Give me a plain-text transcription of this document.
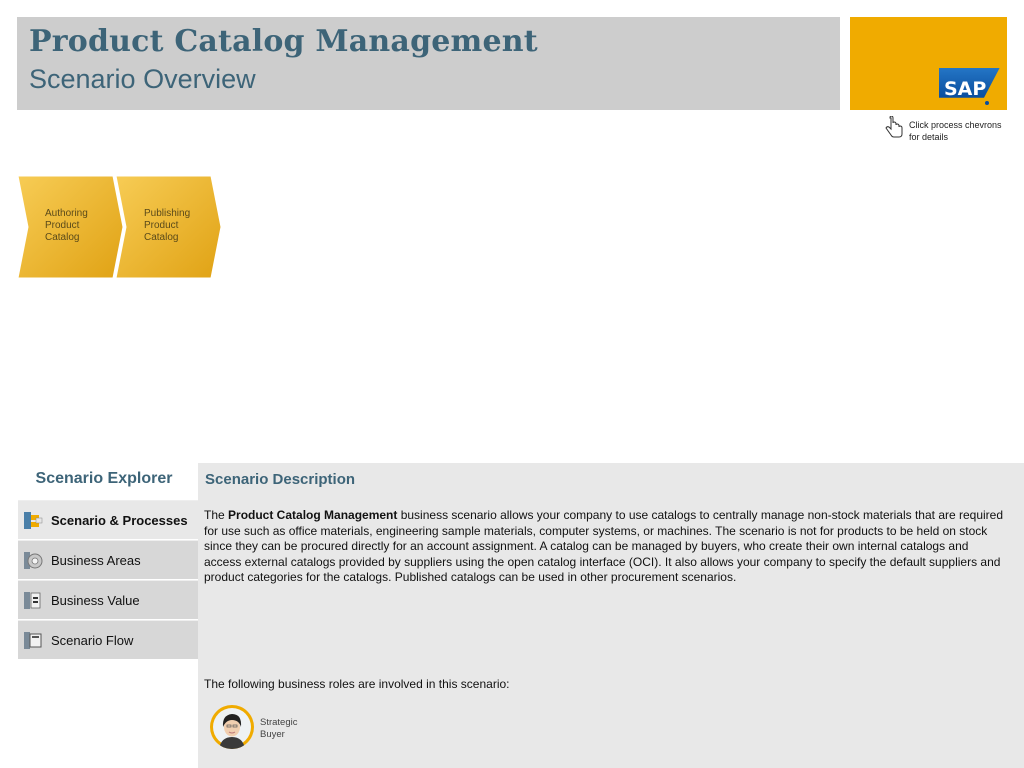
Product Catalog Management
Scenario Overview	SAP
Click process chevrons for details
Authoring Product Catalog
Publishing Product Catalog
Scenario Explorer
Scenario & Processes
Business Areas
Business Value
Scenario Flow
Scenario Description
The Product Catalog Management business scenario allows your company to use catalogs to centrally manage non-stock materials that are required for use such as office materials, engineering sample materials, computer systems, or machines. The scenario is not for products to be held on stock since they can be procured directly for an account assignment. A catalog can be managed by buyers, who create their own internal catalogs and access external catalogs provided by suppliers using the open catalog interface (OCI). It also allows your company to specify the default suppliers and product categories for the catalogs. Published catalogs can be used in other procurement scenarios.
The following business roles are involved in this scenario:
Strategic Buyer
